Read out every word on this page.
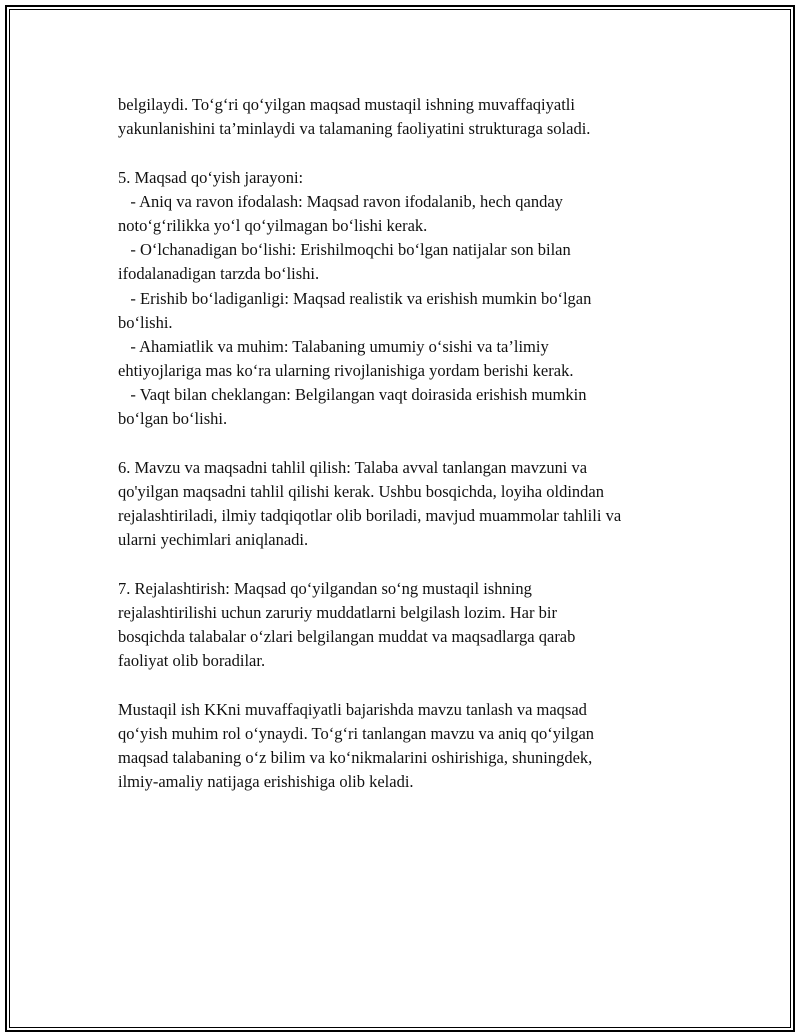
belgilaydi. To‘g‘ri qo‘yilgan maqsad mustaqil ishning muvaffaqiyatli
yakunlanishini ta’minlaydi va talamaning faoliyatini strukturaga soladi.
5. Maqsad qo‘yish jarayoni:
- Aniq va ravon ifodalash: Maqsad ravon ifodalanib, hech qanday
noto‘g‘rilikka yo‘l qo‘yilmagan bo‘lishi kerak.
- O‘lchanadigan bo‘lishi: Erishilmoqchi bo‘lgan natijalar son bilan
ifodalanadigan tarzda bo‘lishi.
- Erishib bo‘ladiganligi: Maqsad realistik va erishish mumkin bo‘lgan
bo‘lishi.
- Ahamiatlik va muhim: Talabaning umumiy o‘sishi va ta’limiy
ehtiyojlariga mas ko‘ra ularning rivojlanishiga yordam berishi kerak.
- Vaqt bilan cheklangan: Belgilangan vaqt doirasida erishish mumkin
bo‘lgan bo‘lishi.
6. Mavzu va maqsadni tahlil qilish: Talaba avval tanlangan mavzuni va
qo'yilgan maqsadni tahlil qilishi kerak. Ushbu bosqichda, loyiha oldindan
rejalashtiriladi, ilmiy tadqiqotlar olib boriladi, mavjud muammolar tahlili va
ularni yechimlari aniqlanadi.
7. Rejalashtirish: Maqsad qo‘yilgandan so‘ng mustaqil ishning
rejalashtirilishi uchun zaruriy muddatlarni belgilash lozim. Har bir
bosqichda talabalar o‘zlari belgilangan muddat va maqsadlarga qarab
faoliyat olib boradilar.
Mustaqil ish KKni muvaffaqiyatli bajarishda mavzu tanlash va maqsad
qo‘yish muhim rol o‘ynaydi. To‘g‘ri tanlangan mavzu va aniq qo‘yilgan
maqsad talabaning o‘z bilim va ko‘nikmalarini oshirishiga, shuningdek,
ilmiy-amaliy natijaga erishishiga olib keladi.
